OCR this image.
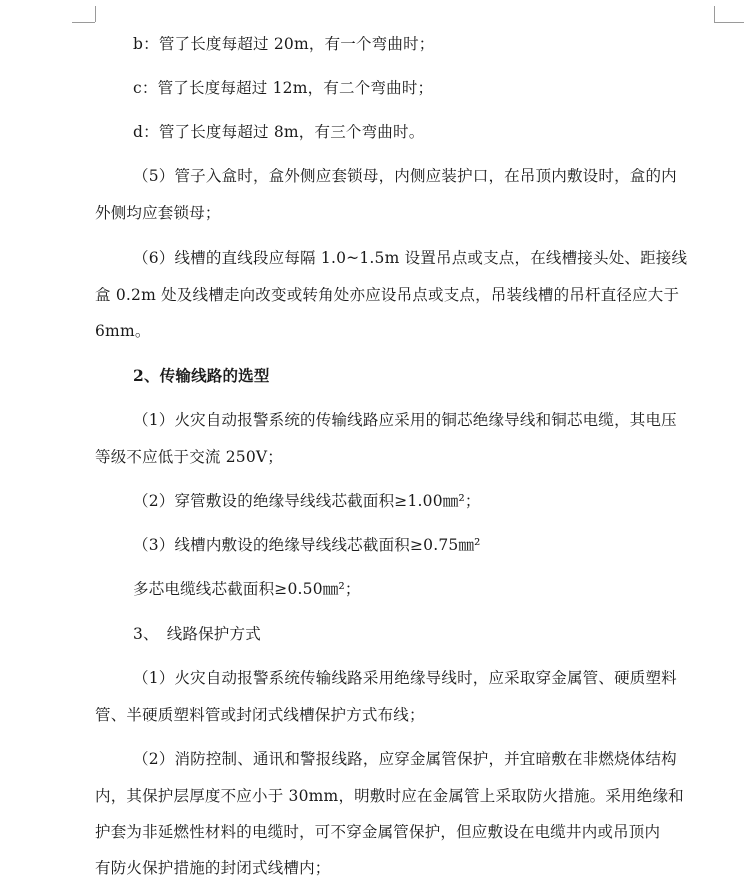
b：管了长度每超过 20m，有一个弯曲时；
c：管了长度每超过 12m，有二个弯曲时；
d：管了长度每超过 8m，有三个弯曲时。
（5）管子入盒时，盒外侧应套锁母，内侧应装护口，在吊顶内敷设时，盒的内
外侧均应套锁母；
（6）线槽的直线段应每隔 1.0~1.5m 设置吊点或支点，在线槽接头处、距接线
盒 0.2m 处及线槽走向改变或转角处亦应设吊点或支点，吊装线槽的吊杆直径应大于
6mm。
2、传输线路的选型
（1）火灾自动报警系统的传输线路应采用的铜芯绝缘导线和铜芯电缆，其电压
等级不应低于交流 250V；
（2）穿管敷设的绝缘导线线芯截面积≥1.00㎜²；
（3）线槽内敷设的绝缘导线线芯截面积≥0.75㎜²
多芯电缆线芯截面积≥0.50㎜²；
3、　线路保护方式
（1）火灾自动报警系统传输线路采用绝缘导线时，应采取穿金属管、硬质塑料
管、半硬质塑料管或封闭式线槽保护方式布线；
（2）消防控制、通讯和警报线路，应穿金属管保护，并宜暗敷在非燃烧体结构
内，其保护层厚度不应小于 30mm，明敷时应在金属管上采取防火措施。采用绝缘和
护套为非延燃性材料的电缆时，可不穿金属管保护，但应敷设在电缆井内或吊顶内
有防火保护措施的封闭式线槽内；
